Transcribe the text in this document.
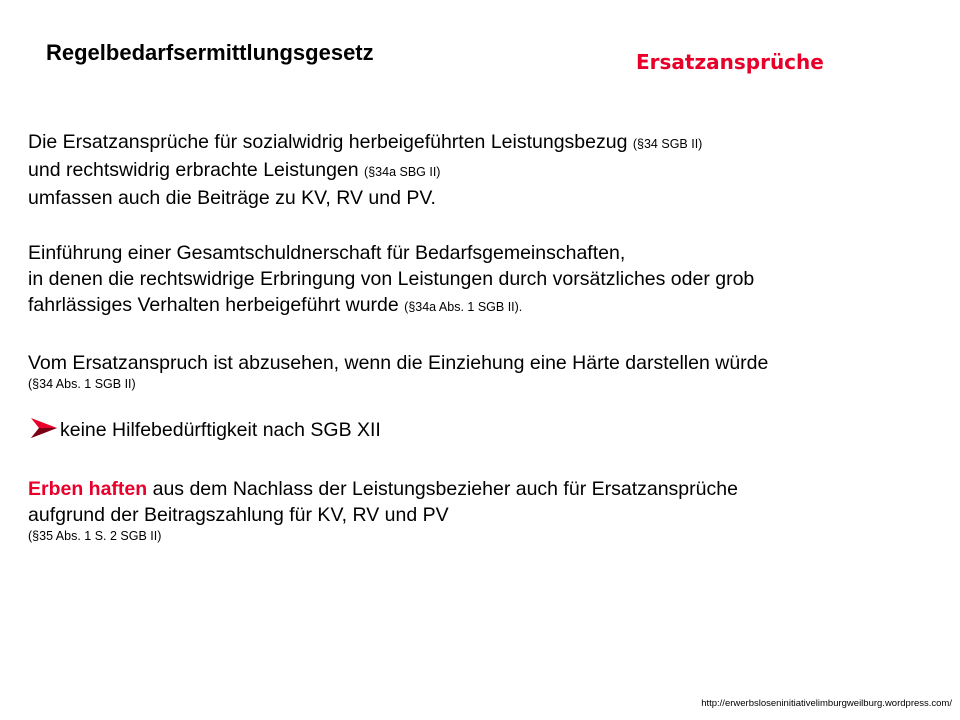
Regelbedarfsermittlungsgesetz	Ersatzansprüche
Die Ersatzansprüche für sozialwidrig herbeigeführten Leistungsbezug (§34 SGB II)
und rechtswidrig erbrachte Leistungen (§34a SBG II)
umfassen auch die Beiträge zu KV, RV und PV.
Einführung einer Gesamtschuldnerschaft für Bedarfsgemeinschaften,
in denen die rechtswidrige Erbringung von Leistungen durch vorsätzliches oder grob
fahrlässiges Verhalten herbeigeführt wurde (§34a Abs. 1 SGB II).
Vom Ersatzanspruch ist abzusehen, wenn die Einziehung eine Härte darstellen würde
(§34 Abs. 1 SGB II)
keine Hilfebedürftigkeit nach SGB XII
Erben haften aus dem Nachlass der Leistungsbezieher auch für Ersatzansprüche
aufgrund der Beitragszahlung für KV, RV und PV
(§35 Abs. 1 S. 2 SGB II)
http://erwerbsloseninitiativelimburgweilburg.wordpress.com/
